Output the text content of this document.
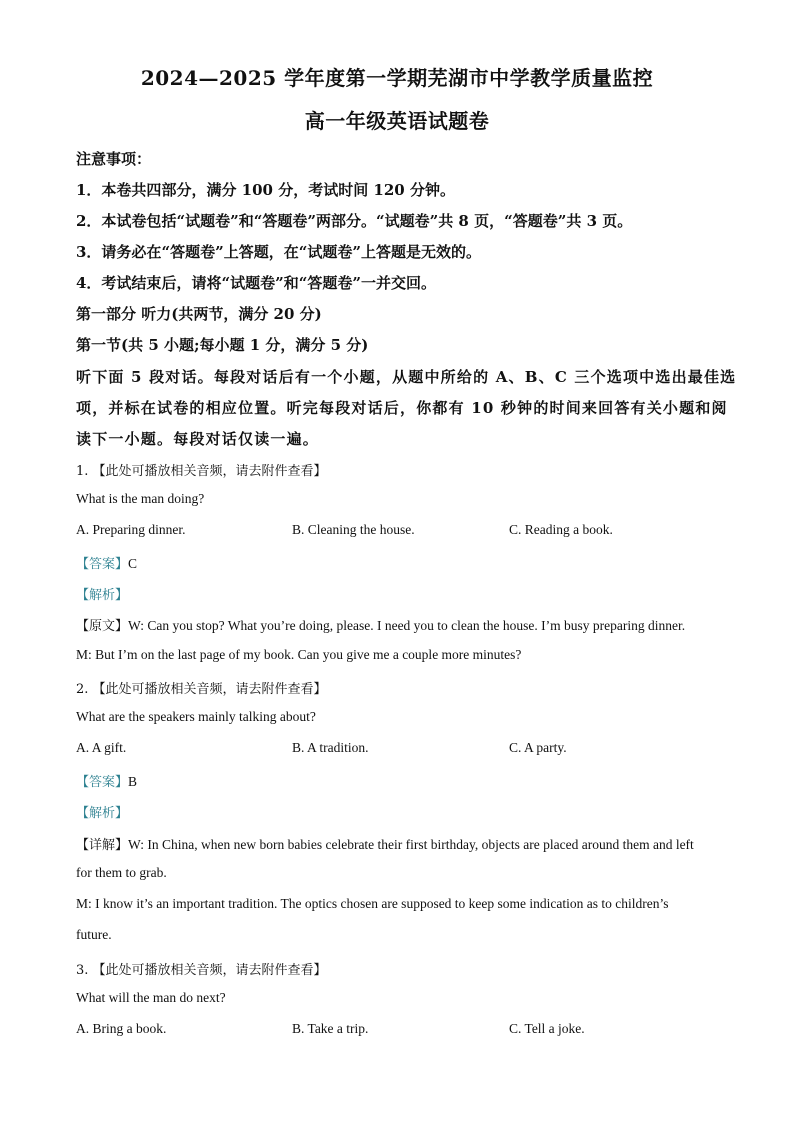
2024—2025 学年度第一学期芜湖市中学教学质量监控
高一年级英语试题卷
注意事项：
1．本卷共四部分，满分 100 分，考试时间 120 分钟。
2．本试卷包括“试题卷”和“答题卷”两部分。“试题卷”共 8 页，“答题卷”共 3 页。
3．请务必在“答题卷”上答题，在“试题卷”上答题是无效的。
4．考试结束后，请将“试题卷”和“答题卷”一并交回。
第一部分 听力(共两节，满分 20 分)
第一节(共 5 小题;每小题 1 分，满分 5 分)
听下面 5 段对话。每段对话后有一个小题，从题中所给的 A、B、C 三个选项中选出最佳选
项，并标在试卷的相应位置。听完每段对话后，你都有 10 秒钟的时间来回答有关小题和阅
读下一小题。每段对话仅读一遍。
1. 【此处可播放相关音频，请去附件查看】
What is the man doing?
A. Preparing dinner.	B. Cleaning the house.	C. Reading a book.
【答案】C
【解析】
【原文】W: Can you stop? What you’re doing, please. I need you to clean the house. I’m busy preparing dinner.
M: But I’m on the last page of my book. Can you give me a couple more minutes?
2. 【此处可播放相关音频，请去附件查看】
What are the speakers mainly talking about?
A. A gift.	B. A tradition.	C. A party.
【答案】B
【解析】
【详解】W: In China, when new born babies celebrate their first birthday, objects are placed around them and left
for them to grab.
M: I know it’s an important tradition. The optics chosen are supposed to keep some indication as to children’s
future.
3. 【此处可播放相关音频，请去附件查看】
What will the man do next?
A. Bring a book.	B. Take a trip.	C. Tell a joke.
